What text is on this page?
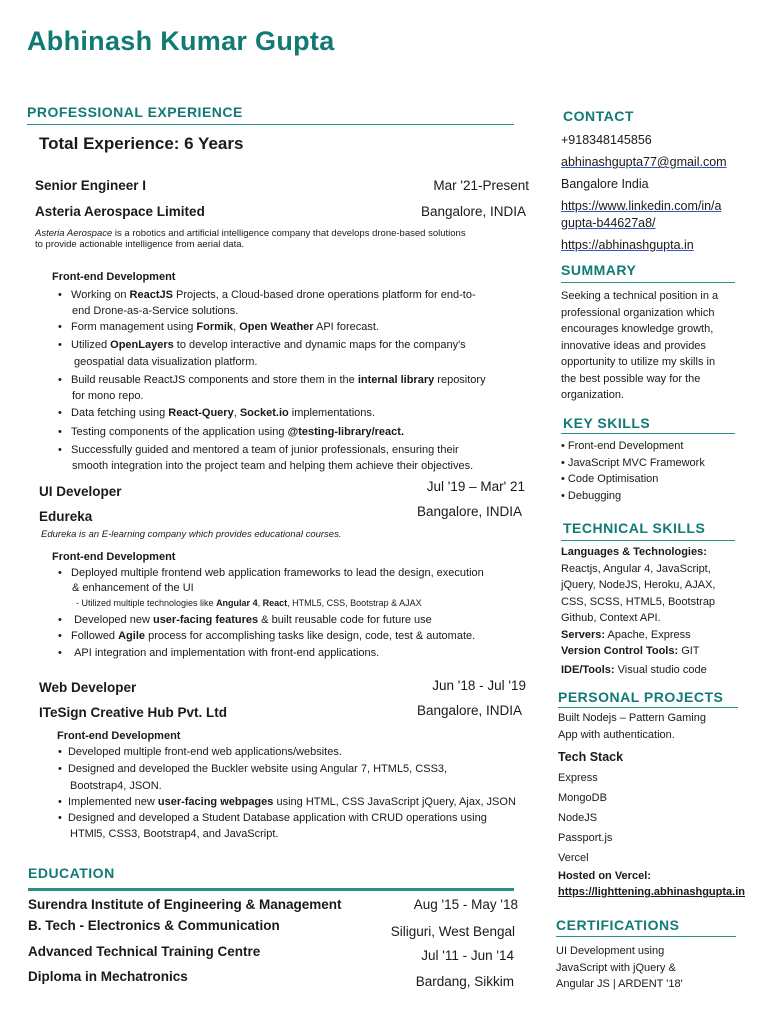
Abhinash Kumar Gupta
PROFESSIONAL EXPERIENCE
Total Experience: 6 Years
Senior Engineer I	Mar '21-Present
Asteria Aerospace Limited	Bangalore, INDIA
Asteria Aerospace is a robotics and artificial intelligence company that develops drone-based solutions
to provide actionable intelligence from aerial data.
Front-end Development
•   Working on ReactJS Projects, a Cloud-based drone operations platform for end-to-
end Drone-as-a-Service solutions.
•   Form management using Formik, Open Weather API forecast.
•   Utilized OpenLayers to develop interactive and dynamic maps for the company's
geospatial data visualization platform.
•   Build reusable ReactJS components and store them in the internal library repository
for mono repo.
•   Data fetching using React-Query, Socket.io implementations.
•   Testing components of the application using @testing-library/react.
•   Successfully guided and mentored a team of junior professionals, ensuring their
smooth integration into the project team and helping them achieve their objectives.
UI Developer	Jul '19 – Mar' 21
Edureka	Bangalore, INDIA
Edureka is an E-learning company which provides educational courses.
Front-end Development
•   Deployed multiple frontend web application frameworks to lead the design, execution
& enhancement of the UI
- Utilized multiple technologies like Angular 4, React, HTML5, CSS, Bootstrap & AJAX
•    Developed new user-facing features & built reusable code for future use
•   Followed Agile process for accomplishing tasks like design, code, test & automate.
•    API integration and implementation with front-end applications.
Web Developer	Jun '18 - Jul '19
ITeSign Creative Hub Pvt. Ltd	Bangalore, INDIA
Front-end Development
•  Developed multiple front-end web applications/websites.
•  Designed and developed the Buckler website using Angular 7, HTML5, CSS3,
Bootstrap4, JSON.
•  Implemented new user-facing webpages using HTML, CSS JavaScript jQuery, Ajax, JSON
•  Designed and developed a Student Database application with CRUD operations using
HTMl5, CSS3, Bootstrap4, and JavaScript.
EDUCATION
Surendra Institute of Engineering & Management	Aug '15 - May '18
B. Tech - Electronics & Communication	Siliguri, West Bengal
Advanced Technical Training Centre	Jul '11 - Jun '14
Diploma in Mechatronics	Bardang, Sikkim
CONTACT
+918348145856
abhinashgupta77@gmail.com
Bangalore India
https://www.linkedin.com/in/a
gupta-b44627a8/
https://abhinashgupta.in
SUMMARY
Seeking a technical position in a
professional organization which
encourages knowledge growth,
innovative ideas and provides
opportunity to utilize my skills in
the best possible way for the
organization.
KEY SKILLS
• Front-end Development
• JavaScript MVC Framework
• Code Optimisation
• Debugging
TECHNICAL SKILLS
Languages & Technologies:
Reactjs, Angular 4, JavaScript,
jQuery, NodeJS, Heroku, AJAX,
CSS, SCSS, HTML5, Bootstrap
Github, Context API.
Servers: Apache, Express
Version Control Tools: GIT
IDE/Tools: Visual studio code
PERSONAL PROJECTS
Built Nodejs – Pattern Gaming
App with authentication.
Tech Stack
Express
MongoDB
NodeJS
Passport.js
Vercel
Hosted on Vercel:
https://lighttening.abhinashgupta.in
CERTIFICATIONS
UI Development using
JavaScript with jQuery &
Angular JS | ARDENT '18'
